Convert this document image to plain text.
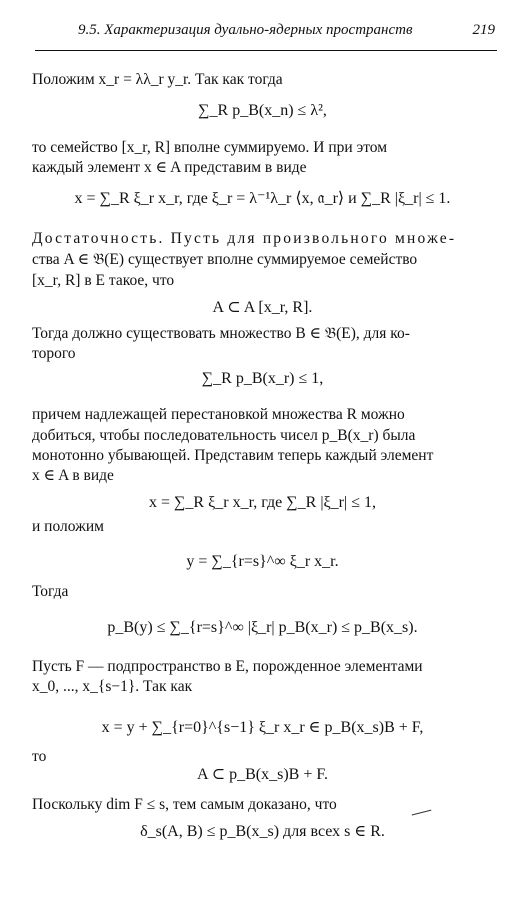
9.5. Характеризация дуально-ядерных пространств	219
Положим x_r = λλ_r y_r. Так как тогда
∑_R p_B(x_n) ≤ λ²,
то семейство [x_r, R] вполне суммируемо. И при этом
каждый элемент x ∈ A представим в виде
x = ∑_R ξ_r x_r, где ξ_r = λ⁻¹λ_r ⟨x, 𝔞_r⟩ и ∑_R |ξ_r| ≤ 1.
Достаточность. Пусть для произвольного множе-
ства A ∈ 𝔅(E) существует вполне суммируемое семейство
[x_r, R] в E такое, что
A ⊂ A [x_r, R].
Тогда должно существовать множество B ∈ 𝔅(E), для ко-
торого
∑_R p_B(x_r) ≤ 1,
причем надлежащей перестановкой множества R можно
добиться, чтобы последовательность чисел p_B(x_r) была
монотонно убывающей. Представим теперь каждый элемент
x ∈ A в виде
x = ∑_R ξ_r x_r, где ∑_R |ξ_r| ≤ 1,
и положим
y = ∑_{r=s}^∞ ξ_r x_r.
Тогда
p_B(y) ≤ ∑_{r=s}^∞ |ξ_r| p_B(x_r) ≤ p_B(x_s).
Пусть F — подпространство в E, порожденное элементами
x_0, ..., x_{s−1}. Так как
x = y + ∑_{r=0}^{s−1} ξ_r x_r ∈ p_B(x_s)B + F,
то
A ⊂ p_B(x_s)B + F.
Поскольку dim F ≤ s, тем самым доказано, что
δ_s(A, B) ≤ p_B(x_s) для всех s ∈ R.
